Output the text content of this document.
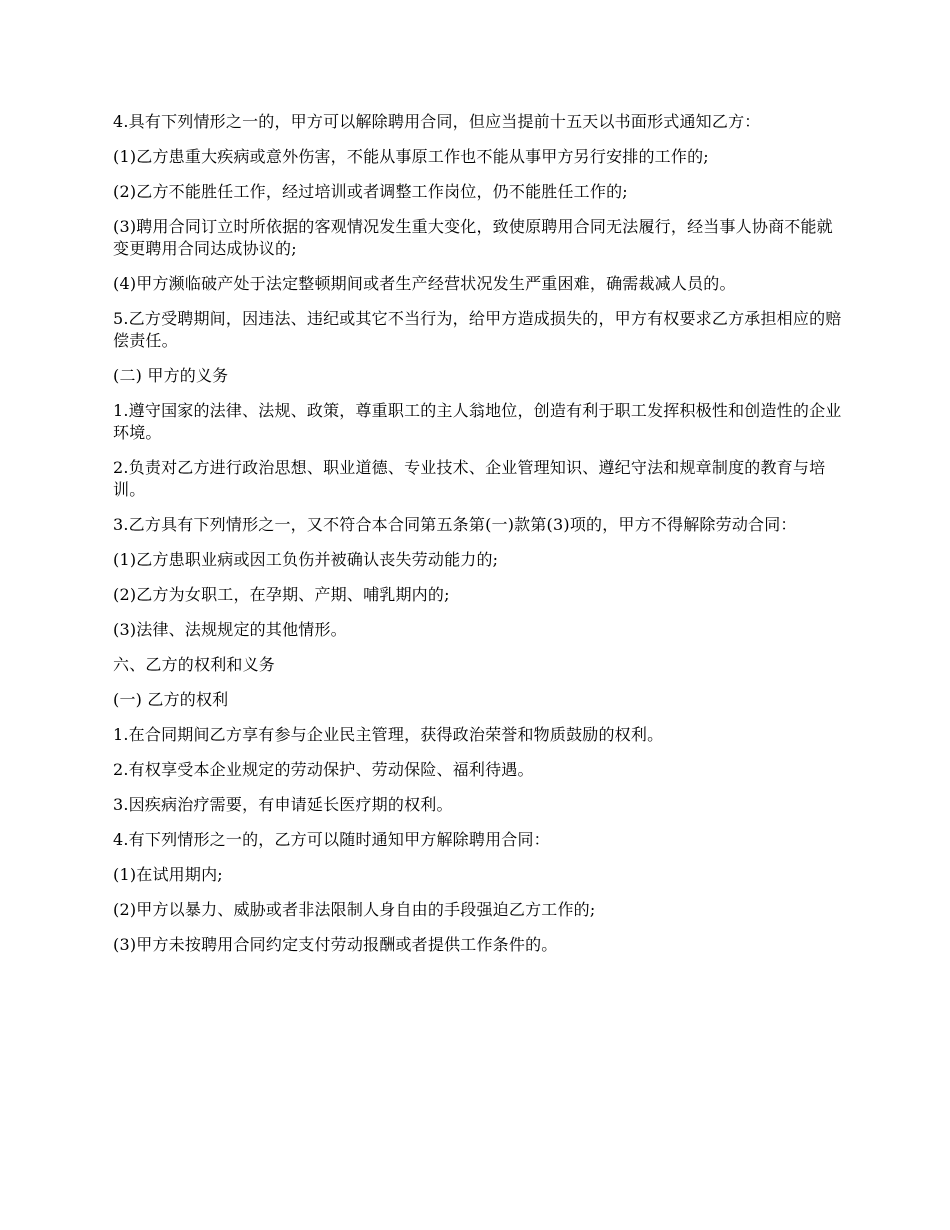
4.具有下列情形之一的，甲方可以解除聘用合同，但应当提前十五天以书面形式通知乙方：

(1)乙方患重大疾病或意外伤害，不能从事原工作也不能从事甲方另行安排的工作的;

(2)乙方不能胜任工作，经过培训或者调整工作岗位，仍不能胜任工作的;

(3)聘用合同订立时所依据的客观情况发生重大变化，致使原聘用合同无法履行，经当事人协商不能就变更聘用合同达成协议的;

(4)甲方濒临破产处于法定整顿期间或者生产经营状况发生严重困难，确需裁减人员的。

5.乙方受聘期间，因违法、违纪或其它不当行为，给甲方造成损失的，甲方有权要求乙方承担相应的赔偿责任。

(二) 甲方的义务

1.遵守国家的法律、法规、政策，尊重职工的主人翁地位，创造有利于职工发挥积极性和创造性的企业环境。

2.负责对乙方进行政治思想、职业道德、专业技术、企业管理知识、遵纪守法和规章制度的教育与培训。

3.乙方具有下列情形之一，又不符合本合同第五条第(一)款第(3)项的，甲方不得解除劳动合同：

(1)乙方患职业病或因工负伤并被确认丧失劳动能力的;

(2)乙方为女职工，在孕期、产期、哺乳期内的;

(3)法律、法规规定的其他情形。

六、乙方的权利和义务

(一) 乙方的权利

1.在合同期间乙方享有参与企业民主管理，获得政治荣誉和物质鼓励的权利。

2.有权享受本企业规定的劳动保护、劳动保险、福利待遇。

3.因疾病治疗需要，有申请延长医疗期的权利。

4.有下列情形之一的，乙方可以随时通知甲方解除聘用合同：

(1)在试用期内;

(2)甲方以暴力、威胁或者非法限制人身自由的手段强迫乙方工作的;

(3)甲方未按聘用合同约定支付劳动报酬或者提供工作条件的。
